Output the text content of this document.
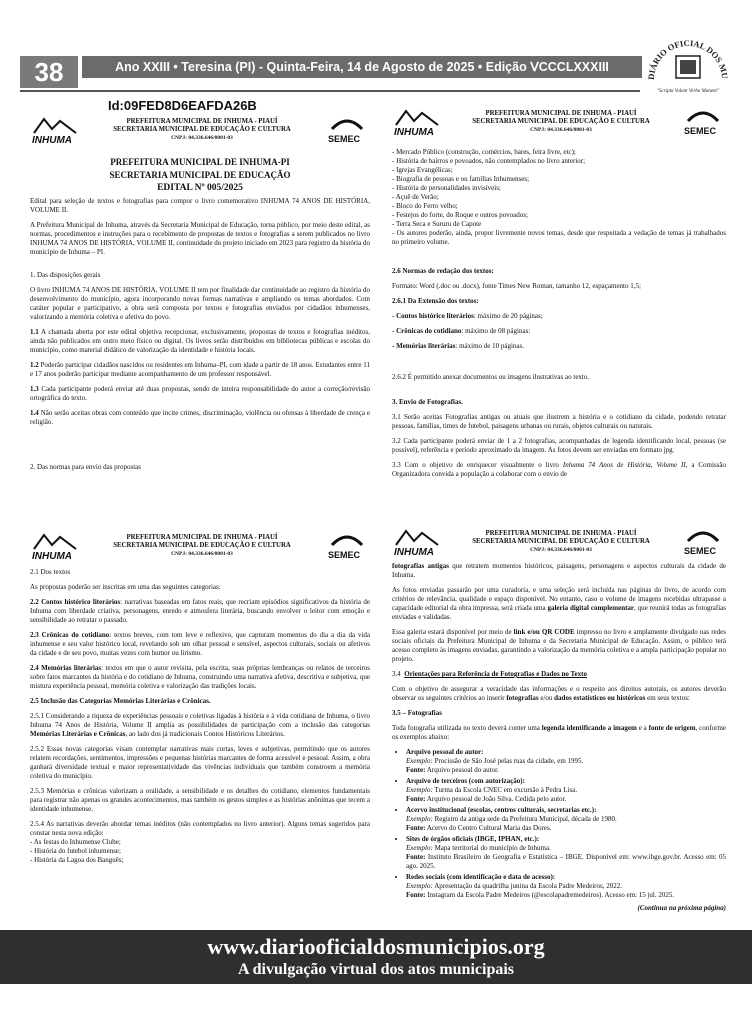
38	Ano XXIII • Teresina (PI) - Quinta-Feira, 14 de Agosto de 2025 • Edição ⅤCCCLXXXIII
DIÁRIO OFICIAL DOS MU
"Scripta Volant Verba Manent"
Id:09FED8D6EAFDA26B
INHUMA
PREFEITURA MUNICIPAL DE INHUMA - PIAUÍ
SECRETARIA MUNICIPAL DE EDUCAÇÃO E CULTURA
CNPJ: 04.336.646/0001-03	SEMEC
PREFEITURA MUNICIPAL DE INHUMA-PI
SECRETARIA MUNICIPAL DE EDUCAÇÃO
EDITAL Nº 005/2025

Edital para seleção de textos e fotografias para compor o livro comemorativo INHUMA 74 ANOS DE HISTÓRIA, VOLUME II.

A Prefeitura Municipal de Inhuma, através da Secretaria Municipal de Educação, torna público, por meio deste edital, as normas, procedimentos e instruções para o recebimento de propostas de textos e fotografias a serem publicados no livro INHUMA 74 ANOS DE HISTÓRIA, VOLUME II, continuidade do projeto iniciado em 2023 para registro da história do município de Inhuma – PI.

1. Das disposições gerais

O livro INHUMA 74 ANOS DE HISTÓRIA, VOLUME II tem por finalidade dar continuidade ao registro da história do desenvolvimento do município, agora incorporando novas formas narrativas e ampliando os temas abordados. Com caráter popular e participativo, a obra será composta por textos e fotografias enviados por cidadãos inhumenses, valorizando a memória coletiva e afetiva do povo.

1.1 A chamada aberta por este edital objetiva recepcionar, exclusivamente, propostas de textos e fotografias inéditos, ainda não publicados em outro meio físico ou digital. Os livros serão distribuídos em bibliotecas públicas e escolas do município, como material didático de valorização da identidade e história locais.

1.2 Poderão participar cidadãos nascidos ou residentes em Inhuma–PI, com idade a partir de 18 anos. Estudantes entre 11 e 17 anos poderão participar mediante acompanhamento de um professor responsável.

1.3 Cada participante poderá enviar até duas propostas, sendo de inteira responsabilidade do autor a correção/revisão ortográfica do texto.

1.4 Não serão aceitas obras com conteúdo que incite crimes, discriminação, violência ou ofensas à liberdade de crença e religião.

2. Das normas para envio das propostas

INHUMA
PREFEITURA MUNICIPAL DE INHUMA - PIAUÍ
SECRETARIA MUNICIPAL DE EDUCAÇÃO E CULTURA
CNPJ: 04.336.646/0001-03	SEMEC
- Mercado Público (construção, comércios, bares, feira livre, etc);
- História de bairros e povoados, não contemplados no livro anterior;
- Igrejas Evangélicas;
- Biografia de pessoas e ou famílias Inhumenses;
- História de personalidades invisíveis;
- Açuê de Verão;
- Bloco do Ferro velho;
- Festejos do forte, do Roque e outros povoados;
- Terra Seca e Sururu de Capote

- Os autores poderão, ainda, propor livremente novos temas, desde que respeitada a vedação de temas já trabalhados no primeiro volume.

2.6 Normas de redação dos textos:

Formato: Word (.doc ou .docx), fonte Times New Roman, tamanho 12, espaçamento 1,5;

2.6.1 Da Extensão dos textos:

- Contos histórico literários: máximo de 20 páginas;

- Crônicas do cotidiano: máximo de 08 páginas:

- Memórias literárias: máximo de 10 páginas.

2.6.2 É permitido anexar documentos ou imagens ilustrativas ao texto.

3. Envio de Fotografias.

3.1 Serão aceitas Fotografias antigas ou atuais que ilustrem a história e o cotidiano da cidade, podendo retratar pessoas, famílias, times de futebol, paisagens urbanas ou rurais, objetos culturais ou naturais.

3.2 Cada participante poderá enviar de 1 a 2 fotografias, acompanhadas de legenda identificando local, pessoas (se possível), referência e período aproximado da imagem. As fotos devem ser enviadas em formato jpg.

3.3 Com o objetivo de enriquecer visualmente o livro Inhuma 74 Anos de História, Volume II, a Comissão Organizadora convida a população a colaborar com o envio de

INHUMA
PREFEITURA MUNICIPAL DE INHUMA - PIAUÍ
SECRETARIA MUNICIPAL DE EDUCAÇÃO E CULTURA
CNPJ: 04.336.646/0001-03	SEMEC

2.1 Dos textos

As propostas poderão ser inscritas em uma das seguintes categorias:

2.2 Contos histórico literários: narrativas baseadas em fatos reais, que recriam episódios significativos da história de Inhuma com liberdade criativa, personagens, enredo e atmosfera literária, buscando envolver o leitor com emoção e sensibilidade ao retratar o passado.

2.3 Crônicas do cotidiano: textos breves, com tom leve e reflexivo, que capturam momentos do dia a dia da vida inhumense e seu valor histórico local, revelando sob um olhar pessoal e sensível, aspectos culturais, sociais ou afetivos da cidade e de seu povo, muitas vezes com humor ou lirismo.

2.4 Memórias literárias: textos em que o autor revisita, pela escrita, suas próprias lembranças ou relatos de terceiros sobre fatos marcantes da história e do cotidiano de Inhuma, construindo uma narrativa afetiva, descritiva e subjetiva, que mistura experiência pessoal, memória coletiva e valorização das tradições locais.

2.5 Inclusão das Categorias Memórias Literárias e Crônicas.

2.5.1 Considerando a riqueza de experiências pessoais e coletivas ligadas à história e à vida cotidiana de Inhuma, o livro Inhuma 74 Anos de História, Volume II amplia as possibilidades de participação com a inclusão das categorias Memórias Literárias e Crônicas, ao lado dos já tradicionais Contos Históricos Literários.

2.5.2 Essas novas categorias visam contemplar narrativas mais curtas, leves e subjetivas, permitindo que os autores relatem recordações, sentimentos, impressões e pequenas histórias marcantes de forma acessível e pessoal. Assim, a obra ganhará diversidade textual e maior representatividade das vivências individuais que também constroem a memória coletiva do município.

2.5.3 Memórias e crônicas valorizam a oralidade, a sensibilidade e os detalhes do cotidiano, elementos fundamentais para registrar não apenas os grandes acontecimentos, mas também os gestos simples e as histórias anônimas que tecem a identidade inhumense.

2.5.4 As narrativas deverão abordar temas inéditos (não contemplados no livro anterior). Alguns temas sugeridos para constar nesta nova edição:
- As festas do Inhumense Clube;
- História do futebol inhumense;
- História da Lagoa dos Banguês;
INHUMA
PREFEITURA MUNICIPAL DE INHUMA - PIAUÍ
SECRETARIA MUNICIPAL DE EDUCAÇÃO E CULTURA
CNPJ: 04.336.646/0001-03	SEMEC

fotografias antigas que retratem momentos históricos, paisagens, personagens e aspectos culturais da cidade de Inhuma.

As fotos enviadas passarão por uma curadoria, e uma seleção será incluída nas páginas do livro, de acordo com critérios de relevância, qualidade e espaço disponível. No entanto, caso o volume de imagens recebidas ultrapasse a capacidade editorial da obra impressa, será criada uma galeria digital complementar, que reunirá todas as fotografias enviadas e validadas.

Essa galeria estará disponível por meio de link e/ou QR CODE impresso no livro e amplamente divulgado nas redes sociais oficiais da Prefeitura Municipal de Inhuma e da Secretaria Municipal de Educação. Assim, o público terá acesso completo às imagens enviadas, garantindo a valorização da memória coletiva e a ampla participação popular no projeto.

3.4 Orientações para Referência de Fotografias e Dados no Texto

Com o objetivo de assegurar a veracidade das informações e o respeito aos direitos autorais, os autores deverão observar os seguintes critérios ao inserir fotografias e/ou dados estatísticos ou históricos em seus textos:

3.5 – Fotografias

Toda fotografia utilizada no texto deverá conter uma legenda identificando a imagem e a fonte de origem, conforme os exemplos abaixo:

• Arquivo pessoal do autor:
Exemplo: Procissão de São José pelas ruas da cidade, em 1995.
Fonte: Arquivo pessoal do autor.
• Arquivo de terceiros (com autorização):
Exemplo: Turma da Escola CNEC em excursão à Pedra Lisa.
Fonte: Arquivo pessoal de João Silva. Cedida pelo autor.
• Acervo institucional (escolas, centros culturais, secretarias etc.):
Exemplo: Registro da antiga sede da Prefeitura Municipal, década de 1980.
Fonte: Acervo do Centro Cultural Maria das Dores.
• Sites de órgãos oficiais (IBGE, IPHAN, etc.):
Exemplo: Mapa territorial do município de Inhuma.
Fonte: Instituto Brasileiro de Geografia e Estatística – IBGE. Disponível em: www.ibge.gov.br. Acesso em: 05 ago. 2025.
• Redes sociais (com identificação e data de acesso):
Exemplo: Apresentação da quadrilha junina da Escola Padre Medeiros, 2022.
Fonte: Instagram da Escola Padre Medeiros (@escolapadremedeiros). Acesso em: 15 jul. 2025.
(Continua na próxima página)
www.diariooficialdosmunicipios.org
A divulgação virtual dos atos municipais
